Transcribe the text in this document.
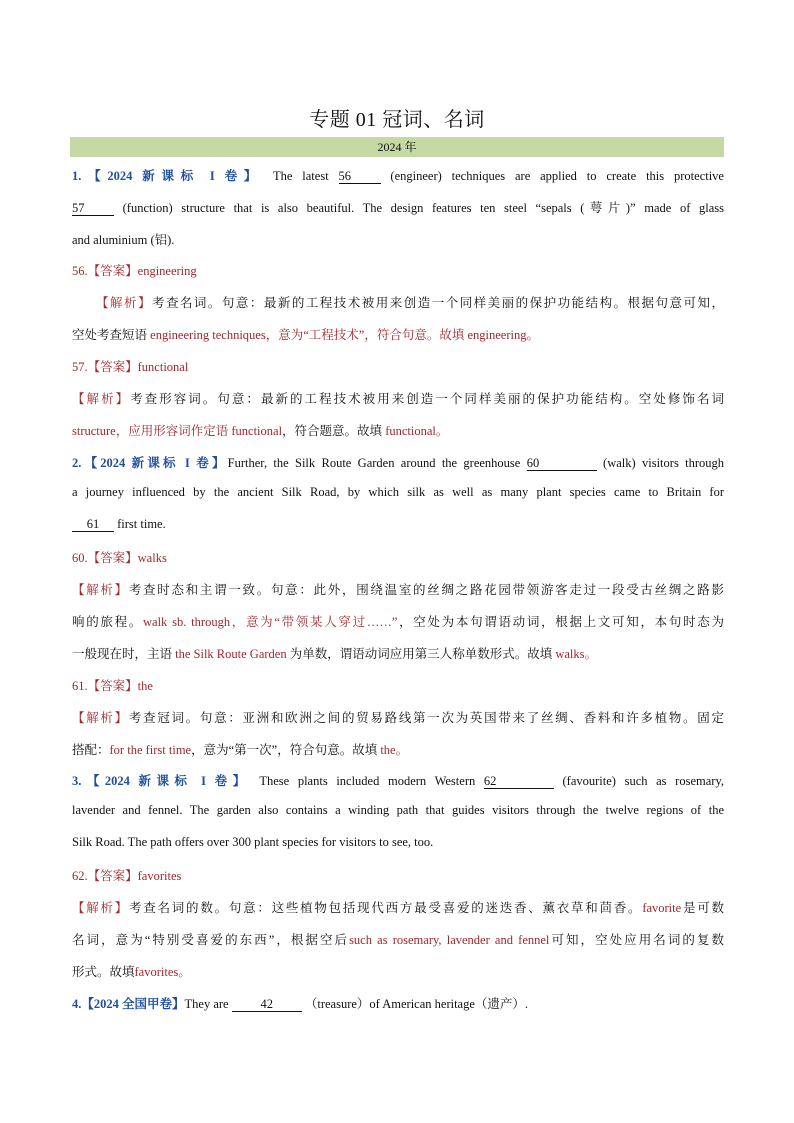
专题 01 冠词、名词
2024 年
1.【2024 新课标 I 卷】 The latest 56	(engineer) techniques are applied to create this protective
57	(function) structure that is also beautiful. The design features ten steel “sepals (萼片)” made of glass
and aluminium (铝).
56.【答案】engineering
【解析】考查名词。句意：最新的工程技术被用来创造一个同样美丽的保护功能结构。根据句意可知，
空处考查短语 engineering techniques，意为“工程技术”，符合句意。故填 engineering。
57.【答案】functional
【解析】考查形容词。句意：最新的工程技术被用来创造一个同样美丽的保护功能结构。空处修饰名词
structure，应用形容词作定语 functional，符合题意。故填 functional。
2.【2024 新课标 I 卷】Further, the Silk Route Garden around the greenhouse 60	(walk) visitors through
a journey influenced by the ancient Silk Road, by which silk as well as many plant species came to Britain for
61 first time.
60.【答案】walks
【解析】考查时态和主谓一致。句意：此外，围绕温室的丝绸之路花园带领游客走过一段受古丝绸之路影
响的旅程。walk sb. through，意为“带领某人穿过……”，空处为本句谓语动词，根据上文可知，本句时态为
一般现在时，主语 the Silk Route Garden 为单数，谓语动词应用第三人称单数形式。故填 walks。
61.【答案】the
【解析】考查冠词。句意：亚洲和欧洲之间的贸易路线第一次为英国带来了丝绸、香料和许多植物。固定
搭配：for the first time，意为“第一次”，符合句意。故填 the。
3.【2024 新课标 I 卷】 These plants included modern Western 62	(favourite) such as rosemary,
lavender and fennel. The garden also contains a winding path that guides visitors through the twelve regions of the
Silk Road. The path offers over 300 plant species for visitors to see, too.
62.【答案】favorites
【解析】考查名词的数。句意：这些植物包括现代西方最受喜爱的迷迭香、薰衣草和茴香。favorite是可数
名词，意为“特别受喜爱的东西”，根据空后such as rosemary, lavender and fennel可知，空处应用名词的复数
形式。故填favorites。
4.【2024 全国甲卷】They are	42	（treasure）of American heritage（遗产）.
